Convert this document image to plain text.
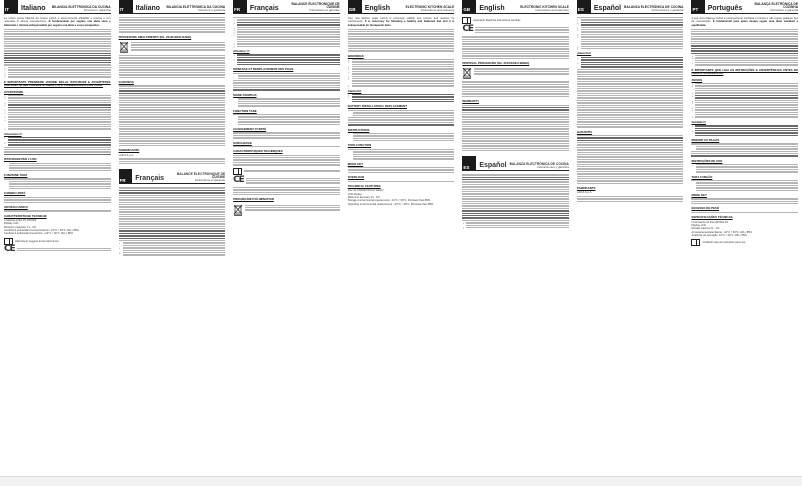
IT	Italiano BILANCIA ELETTRONICA DA CUCINA
Istruzioni e garanzia

La vostra nuova bilancia da cucina LAICA è estremamente affidabile e precisa e non necessita di alcuna manutenzione. È fondamentale per seguire una dieta sana e bilanciata e ritenuta indispensabile per seguire una dieta a scopo terapeutico.

•
•
•
•
•
È IMPORTANTE PRENDERE VISIONE DELLE ISTRUZIONI E AVVERTENZE CONTENUTE NEL PRESENTE LIBRETTO E CONSERVARLO CON CURA.
AVVERTENZE
•
•
•
•
•
•
•
•
•
Attenzione!!!
•
•
ISTRUZIONI PER L'USO
FUNZIONE TARA
CAMBIO UNITÀ
SOVRACCARICO
CARATTERISTICHE TECNICHE
1 batteria al litio 3V CR2032
Display LCD
Divisione massima: ±1 - 1%
Condizioni ambientali di conservazione: -10°C ≈ 60°C, RH ≤ 85%
Condizioni ambientali di esercizio: +10°C ≈ 40°C, RH ≤ 85%
Attenzione! Leggere le istruzioni d'uso
C E
IT	Italiano BILANCIA ELETTRONICA DA CUCINA
Istruzioni e garanzia
PROCEDURE SMALTIMENTO (Dir. 2012/19/UE-RAEE)
GARANZIA
FABBRICANTE
LAICA S.p.A.
FR	Français
BALANCE ÉLECTRONIQUE DE CUISINE
Instructions et garantie
•
•
•
FR	Français
BALANCE ÉLECTRONIQUE DE CUISINE
Instructions et garantie
•
•
•
•
•
•
•
•
Attention !!!
•
•
MONTAGE ET REMPLACEMENT DES PILES
MODE D'EMPLOI
FONCTION TARE
CHANGEMENT D'UNITÉ
SURCHARGE
CARACTÉRISTIQUES TECHNIQUES
C E
PROCÉDURE D'ÉLIMINATION
GB	English	ELECTRONIC KITCHEN SCALE
Instructions and warranty

Your new kitchen scale LAICA is extremely reliable and precise and requires no maintenance. It is necessary for following a healthy and balanced diet and it is indispensable for therapeutic diets.

WARNINGS
•
•
•
•
•
•
•
•
Caution!!!
•
•
BATTERY INSTALLATION / REPLACEMENT
INSTRUCTIONS
TARE FUNCTION
MODE KEY
OVERLOAD
TECHNICAL FEATURES
One 3V CR2032 lithium battery
LCD display
Maximum accuracy ±1 - 1%
Storage environmental requirements: -10°C ≈ 60°C, RH lower than 85%
Operating environmental requirements: +10°C ≈ 40°C, RH lower than 85%
GB	English	ELECTRONIC KITCHEN SCALE
Instructions and warranty
Important! Read the instructions carefully
C E
DISPOSAL PROCEDURE (Dir. 2012/19/EU-WEEE)
WARRANTY
ES	Español BALANZA ELECTRÓNICA DE COCINA
Instrucciones y garantía
•
•
ES	Español BALANZA ELECTRÓNICA DE COCINA
Instrucciones y garantía
•
•
•
•
•
•
•
•
¡Atención!
•
•
GARANTÍA
FABRICANTE
LAICA S.p.A.
PT	Português
BALANÇA ELETRÓNICA DE COZINHA
Instruções e garantia

A sua nova balança LAICA é extremamente confiável e precisa e não requer qualquer tipo de manutenção. É fundamental para quem deseja seguir uma dieta saudável e equilibrada.

•
•
•
É IMPORTANTE QUE LEIA AS INSTRUÇÕES E ADVERTÊNCIAS ANTES DE USAR E GUARDÁ-LAS.
AVISOS
•
•
•
•
•
•
•
•
•
Cuidado!!!
•
•
INSERIR AS PILHAS
INSTRUÇÕES DE USO
TARA FUNÇÃO
MODE KEY
EXCESSO DE PESO
ESPECIFICAÇÕES TÉCNICAS
Uma bateria de lítio CR2032 3V
Display LCD
Divisão máxima ±1 - 1%
Armazenamento/ambiente: -10°C ≈ 60°C, HR ≤ 85%
Ambiente de operação: 10°C ≈ 40°C, HR ≤ 85%
Cuidado! Leia as instruções para uso
